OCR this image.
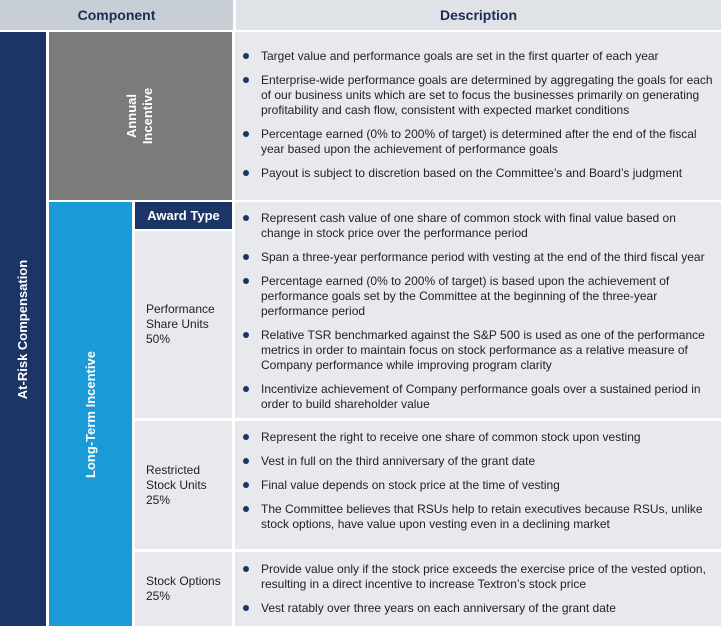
Component	Description
At-Risk Compensation
Annual Incentive
Target value and performance goals are set in the first quarter of each year
Enterprise-wide performance goals are determined by aggregating the goals for each of our business units which are set to focus the businesses primarily on generating profitability and cash flow, consistent with expected market conditions
Percentage earned (0% to 200% of target) is determined after the end of the fiscal year based upon the achievement of performance goals
Payout is subject to discretion based on the Committee’s and Board’s judgment
Long-Term Incentive
Award Type
Performance
Share Units
50%
Represent cash value of one share of common stock with final value based on change in stock price over the performance period
Span a three-year performance period with vesting at the end of the third fiscal year
Percentage earned (0% to 200% of target) is based upon the achievement of performance goals set by the Committee at the beginning of the three-year performance period
Relative TSR benchmarked against the S&P 500 is used as one of the performance metrics in order to maintain focus on stock performance as a relative measure of Company performance while improving program clarity
Incentivize achievement of Company performance goals over a sustained period in order to build shareholder value
Restricted
Stock Units
25%
Represent the right to receive one share of common stock upon vesting
Vest in full on the third anniversary of the grant date
Final value depends on stock price at the time of vesting
The Committee believes that RSUs help to retain executives because RSUs, unlike stock options, have value upon vesting even in a declining market
Stock Options
25%
Provide value only if the stock price exceeds the exercise price of the vested option, resulting in a direct incentive to increase Textron’s stock price
Vest ratably over three years on each anniversary of the grant date
